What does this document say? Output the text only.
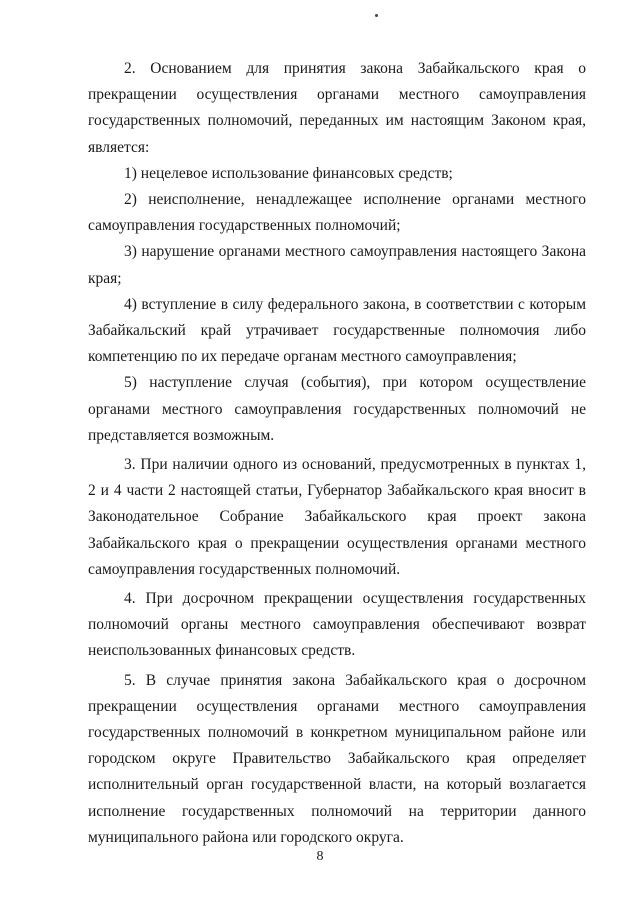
2. Основанием для принятия закона Забайкальского края о прекращении осуществления органами местного самоуправления государственных полномочий, переданных им настоящим Законом края, является:

1) нецелевое использование финансовых средств;

2) неисполнение, ненадлежащее исполнение органами местного самоуправления государственных полномочий;

3) нарушение органами местного самоуправления настоящего Закона края;

4) вступление в силу федерального закона, в соответствии с которым Забайкальский край утрачивает государственные полномочия либо компетенцию по их передаче органам местного самоуправления;

5) наступление случая (события), при котором осуществление органами местного самоуправления государственных полномочий не представляется возможным.

3. При наличии одного из оснований, предусмотренных в пунктах 1, 2 и 4 части 2 настоящей статьи, Губернатор Забайкальского края вносит в Законодательное Собрание Забайкальского края проект закона Забайкальского края о прекращении осуществления органами местного самоуправления государственных полномочий.

4. При досрочном прекращении осуществления государственных полномочий органы местного самоуправления обеспечивают возврат неиспользованных финансовых средств.

5. В случае принятия закона Забайкальского края о досрочном прекращении осуществления органами местного самоуправления государственных полномочий в конкретном муниципальном районе или городском округе Правительство Забайкальского края определяет исполнительный орган государственной власти, на который возлагается исполнение государственных полномочий на территории данного муниципального района или городского округа.

8
